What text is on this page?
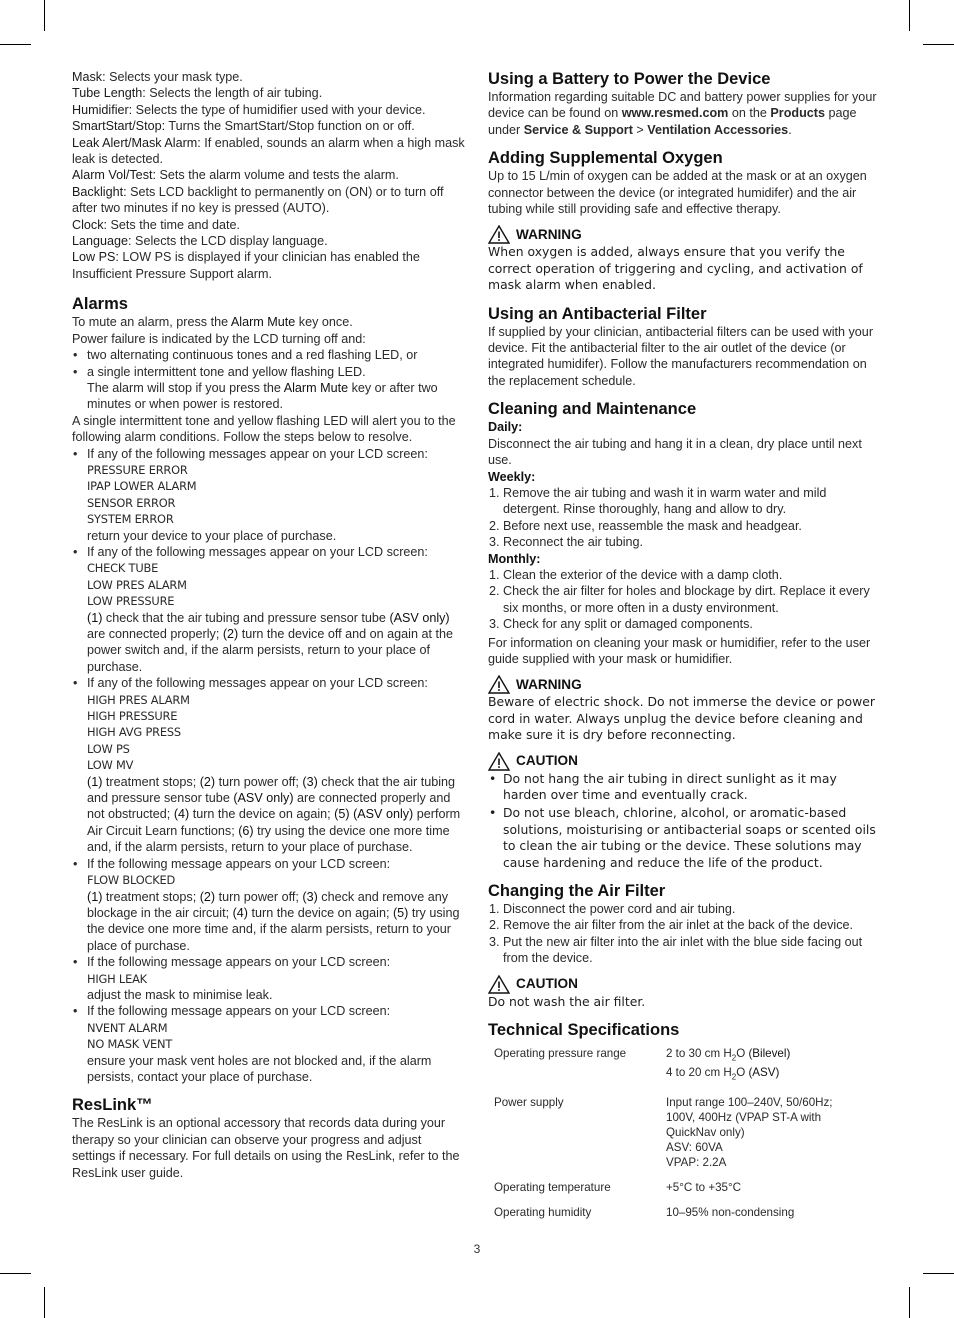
Mask: Selects your mask type.

Tube Length: Selects the length of air tubing.

Humidifier: Selects the type of humidifier used with your device.

SmartStart/Stop: Turns the SmartStart/Stop function on or off.

Leak Alert/Mask Alarm: If enabled, sounds an alarm when a high mask leak is detected.

Alarm Vol/Test: Sets the alarm volume and tests the alarm.

Backlight: Sets LCD backlight to permanently on (ON) or to turn off after two minutes if no key is pressed (AUTO).

Clock: Sets the time and date.

Language: Selects the LCD display language.

Low PS: LOW PS is displayed if your clinician has enabled the Insufficient Pressure Support alarm.

Alarms

To mute an alarm, press the Alarm Mute key once.

Power failure is indicated by the LCD turning off and:

• two alternating continuous tones and a red flashing LED, or
• a single intermittent tone and yellow flashing LED.
The alarm will stop if you press the Alarm Mute key or after two minutes or when power is restored.

A single intermittent tone and yellow flashing LED will alert you to the following alarm conditions. Follow the steps below to resolve.

• If any of the following messages appear on your LCD screen:
PRESSURE ERROR
IPAP LOWER ALARM
SENSOR ERROR
SYSTEM ERROR
return your device to your place of purchase.
• If any of the following messages appear on your LCD screen:
CHECK TUBE
LOW PRES ALARM
LOW PRESSURE
(1) check that the air tubing and pressure sensor tube (ASV only) are connected properly; (2) turn the device off and on again at the power switch and, if the alarm persists, return to your place of purchase.
• If any of the following messages appear on your LCD screen:
HIGH PRES ALARM
HIGH PRESSURE
HIGH AVG PRESS
LOW PS
LOW MV
(1) treatment stops; (2) turn power off; (3) check that the air tubing and pressure sensor tube (ASV only) are connected properly and not obstructed; (4) turn the device on again; (5) (ASV only) perform Air Circuit Learn functions; (6) try using the device one more time and, if the alarm persists, return to your place of purchase.
• If the following message appears on your LCD screen:
FLOW BLOCKED
(1) treatment stops; (2) turn power off; (3) check and remove any blockage in the air circuit; (4) turn the device on again; (5) try using the device one more time and, if the alarm persists, return to your place of purchase.
• If the following message appears on your LCD screen:
HIGH LEAK
adjust the mask to minimise leak.
• If the following message appears on your LCD screen:
NVENT ALARM
NO MASK VENT
ensure your mask vent holes are not blocked and, if the alarm persists, contact your place of purchase.
ResLink™

The ResLink is an optional accessory that records data during your therapy so your clinician can observe your progress and adjust settings if necessary. For full details on using the ResLink, refer to the ResLink user guide.

Using a Battery to Power the Device

Information regarding suitable DC and battery power supplies for your device can be found on www.resmed.com on the Products page under Service & Support > Ventilation Accessories.

Adding Supplemental Oxygen

Up to 15 L/min of oxygen can be added at the mask or at an oxygen connector between the device (or integrated humidifer) and the air tubing while still providing safe and effective therapy.

WARNING

When oxygen is added, always ensure that you verify the correct operation of triggering and cycling, and activation of mask alarm when enabled.

Using an Antibacterial Filter

If supplied by your clinician, antibacterial filters can be used with your device. Fit the antibacterial filter to the air outlet of the device (or integrated humidifer). Follow the manufacturers recommendation on the replacement schedule.

Cleaning and Maintenance

Daily:

Disconnect the air tubing and hang it in a clean, dry place until next use.

Weekly:

1. Remove the air tubing and wash it in warm water and mild detergent. Rinse thoroughly, hang and allow to dry.
2. Before next use, reassemble the mask and headgear.
3. Reconnect the air tubing.

Monthly:

1. Clean the exterior of the device with a damp cloth.
2. Check the air filter for holes and blockage by dirt. Replace it every six months, or more often in a dusty environment.
3. Check for any split or damaged components.

For information on cleaning your mask or humidifier, refer to the user guide supplied with your mask or humidifier.

WARNING

Beware of electric shock. Do not immerse the device or power cord in water. Always unplug the device before cleaning and make sure it is dry before reconnecting.

CAUTION
• Do not hang the air tubing in direct sunlight as it may harden over time and eventually crack.
• Do not use bleach, chlorine, alcohol, or aromatic-based solutions, moisturising or antibacterial soaps or scented oils to clean the air tubing or the device. These solutions may cause hardening and reduce the life of the product.
Changing the Air Filter
1. Disconnect the power cord and air tubing.
2. Remove the air filter from the air inlet at the back of the device.
3. Put the new air filter into the air inlet with the blue side facing out from the device.
CAUTION

Do not wash the air filter.

Technical Specifications
Operating pressure range	2 to 30 cm $H_2O$ (Bilevel)
4 to 20 cm $H_2O$ (ASV)
Power supply	Input range 100–240V, 50/60Hz;
100V, 400Hz (VPAP ST-A with
QuickNav only)
ASV: 60VA
VPAP: 2.2A
Operating temperature	+5°C to +35°C
Operating humidity	10–95% non-condensing
3
